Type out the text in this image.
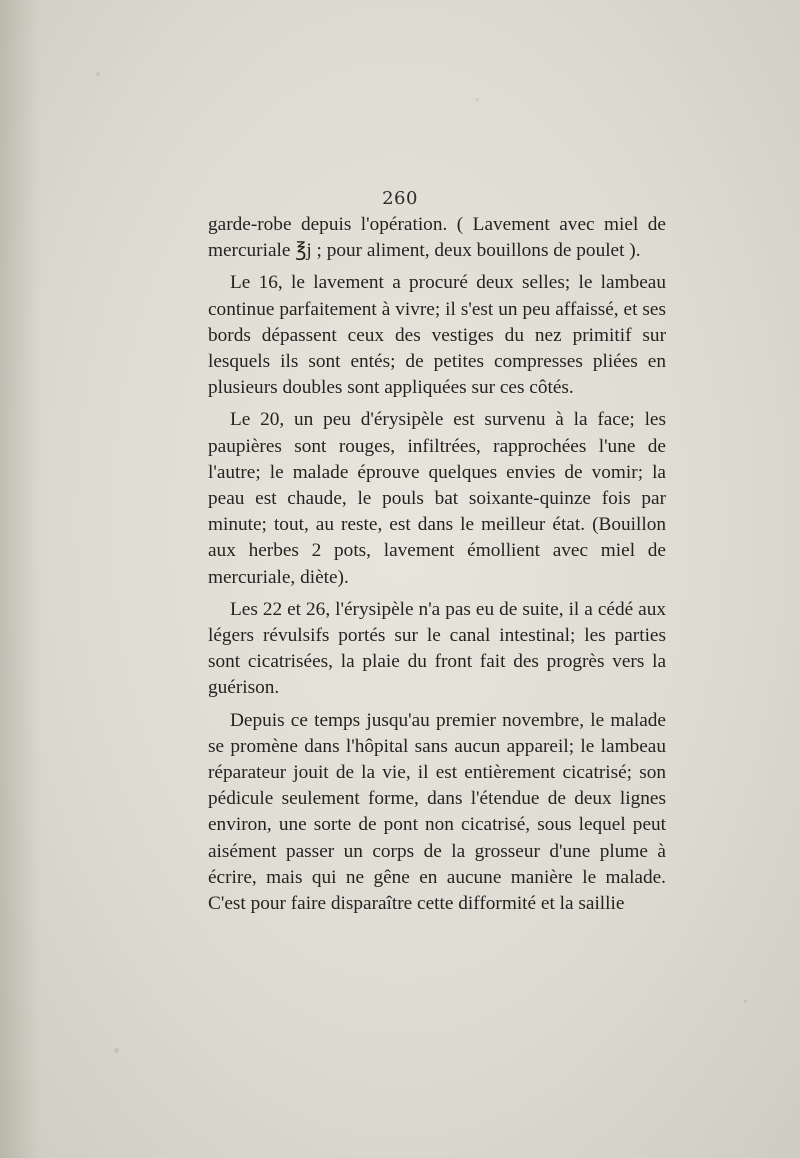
260

garde-robe depuis l'opération. ( Lavement avec miel de mercuriale ℥j ; pour aliment, deux bouillons de poulet ).

Le 16, le lavement a procuré deux selles; le lambeau continue parfaitement à vivre; il s'est un peu affaissé, et ses bords dépassent ceux des vestiges du nez primitif sur lesquels ils sont entés; de petites compresses pliées en plusieurs doubles sont appliquées sur ces côtés.

Le 20, un peu d'érysipèle est survenu à la face; les paupières sont rouges, infiltrées, rapprochées l'une de l'autre; le malade éprouve quelques envies de vomir; la peau est chaude, le pouls bat soixante-quinze fois par minute; tout, au reste, est dans le meilleur état. (Bouillon aux herbes 2 pots, lavement émollient avec miel de mercuriale, diète).

Les 22 et 26, l'érysipèle n'a pas eu de suite, il a cédé aux légers révulsifs portés sur le canal intestinal; les parties sont cicatrisées, la plaie du front fait des progrès vers la guérison.

Depuis ce temps jusqu'au premier novembre, le malade se promène dans l'hôpital sans aucun appareil; le lambeau réparateur jouit de la vie, il est entièrement cicatrisé; son pédicule seulement forme, dans l'étendue de deux lignes environ, une sorte de pont non cicatrisé, sous lequel peut aisément passer un corps de la grosseur d'une plume à écrire, mais qui ne gêne en aucune manière le malade. C'est pour faire disparaître cette difformité et la saillie
